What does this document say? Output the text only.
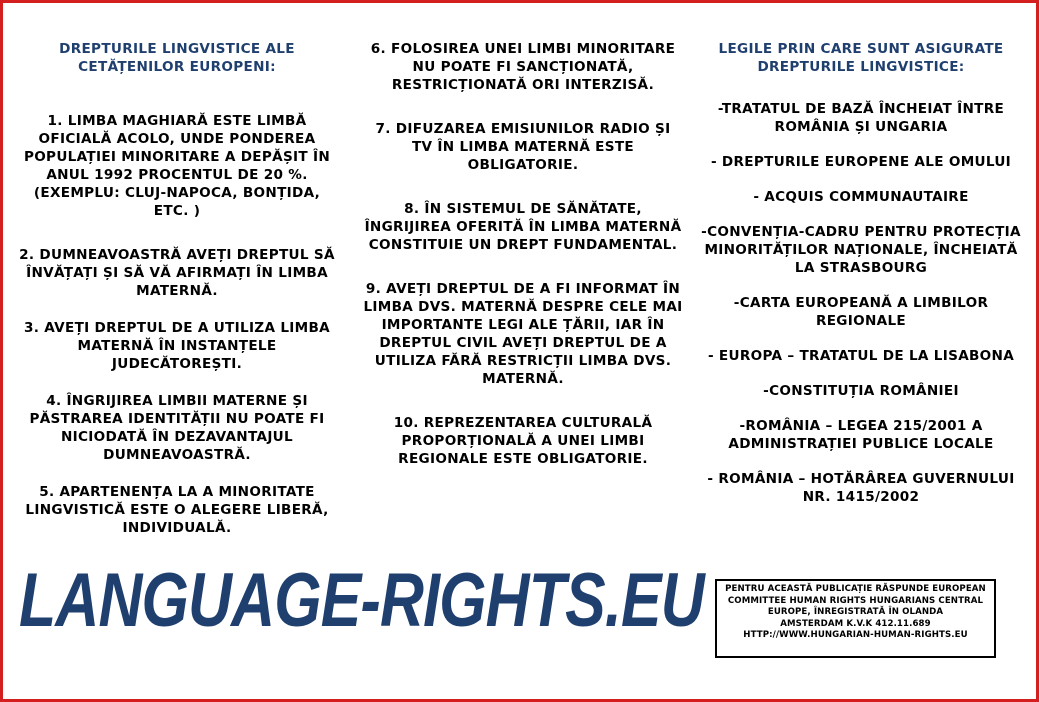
DREPTURILE LINGVISTICE ALE CETĂȚENILOR EUROPENI:
1. LIMBA MAGHIARĂ ESTE LIMBĂ OFICIALĂ ACOLO, UNDE PONDEREA POPULAȚIEI MINORITARE A DEPĂȘIT ÎN ANUL 1992 PROCENTUL DE 20 %. (EXEMPLU: CLUJ-NAPOCA, BONȚIDA, ETC. )
2. DUMNEAVOASTRĂ AVEȚI DREPTUL SĂ ÎNVĂȚAȚI ȘI SĂ VĂ AFIRMAȚI ÎN LIMBA MATERNĂ.
3. AVEȚI DREPTUL DE A UTILIZA LIMBA MATERNĂ ÎN INSTANȚELE JUDECĂTOREȘTI.
4. ÎNGRIJIREA LIMBII MATERNE ȘI PĂSTRAREA IDENTITĂȚII NU POATE FI NICIODATĂ ÎN DEZAVANTAJUL DUMNEAVOASTRĂ.
5. APARTENENȚA LA A MINORITATE LINGVISTICĂ ESTE O ALEGERE LIBERĂ, INDIVIDUALĂ.
6. FOLOSIREA UNEI LIMBI MINORITARE NU POATE FI SANCȚIONATĂ, RESTRICȚIONATĂ ORI INTERZISĂ.
7. DIFUZAREA EMISIUNILOR RADIO ȘI TV ÎN LIMBA MATERNĂ ESTE OBLIGATORIE.
8. ÎN SISTEMUL DE SĂNĂTATE, ÎNGRIJIREA OFERITĂ ÎN LIMBA MATERNĂ CONSTITUIE UN DREPT FUNDAMENTAL.
9. AVEȚI DREPTUL DE A FI INFORMAT ÎN LIMBA DVS. MATERNĂ DESPRE CELE MAI IMPORTANTE LEGI ALE ȚĂRII, IAR ÎN DREPTUL CIVIL AVEȚI DREPTUL DE A UTILIZA FĂRĂ RESTRICȚII LIMBA DVS. MATERNĂ.
10. REPREZENTAREA CULTURALĂ PROPORȚIONALĂ A UNEI LIMBI REGIONALE ESTE OBLIGATORIE.
LEGILE PRIN CARE SUNT ASIGURATE DREPTURILE LINGVISTICE:
-TRATATUL DE BAZĂ ÎNCHEIAT ÎNTRE ROMÂNIA ȘI UNGARIA
- DREPTURILE EUROPENE ALE OMULUI
- ACQUIS COMMUNAUTAIRE
-CONVENȚIA-CADRU PENTRU PROTECȚIA MINORITĂȚILOR NAȚIONALE, ÎNCHEIATĂ LA STRASBOURG
-CARTA EUROPEANĂ A LIMBILOR REGIONALE
- EUROPA – TRATATUL DE LA LISABONA
-CONSTITUȚIA ROMÂNIEI
-ROMÂNIA – LEGEA 215/2001 A ADMINISTRAȚIEI PUBLICE LOCALE
- ROMÂNIA – HOTĂRÂREA GUVERNULUI NR. 1415/2002
LANGUAGE-RIGHTS.EU	PENTRU ACEASTĂ PUBLICAȚIE RĂSPUNDE EUROPEAN
COMMITTEE HUMAN RIGHTS HUNGARIANS CENTRAL
EUROPE, ÎNREGISTRATĂ ÎN OLANDA
AMSTERDAM K.V.K 412.11.689
HTTP://WWW.HUNGARIAN-HUMAN-RIGHTS.EU
